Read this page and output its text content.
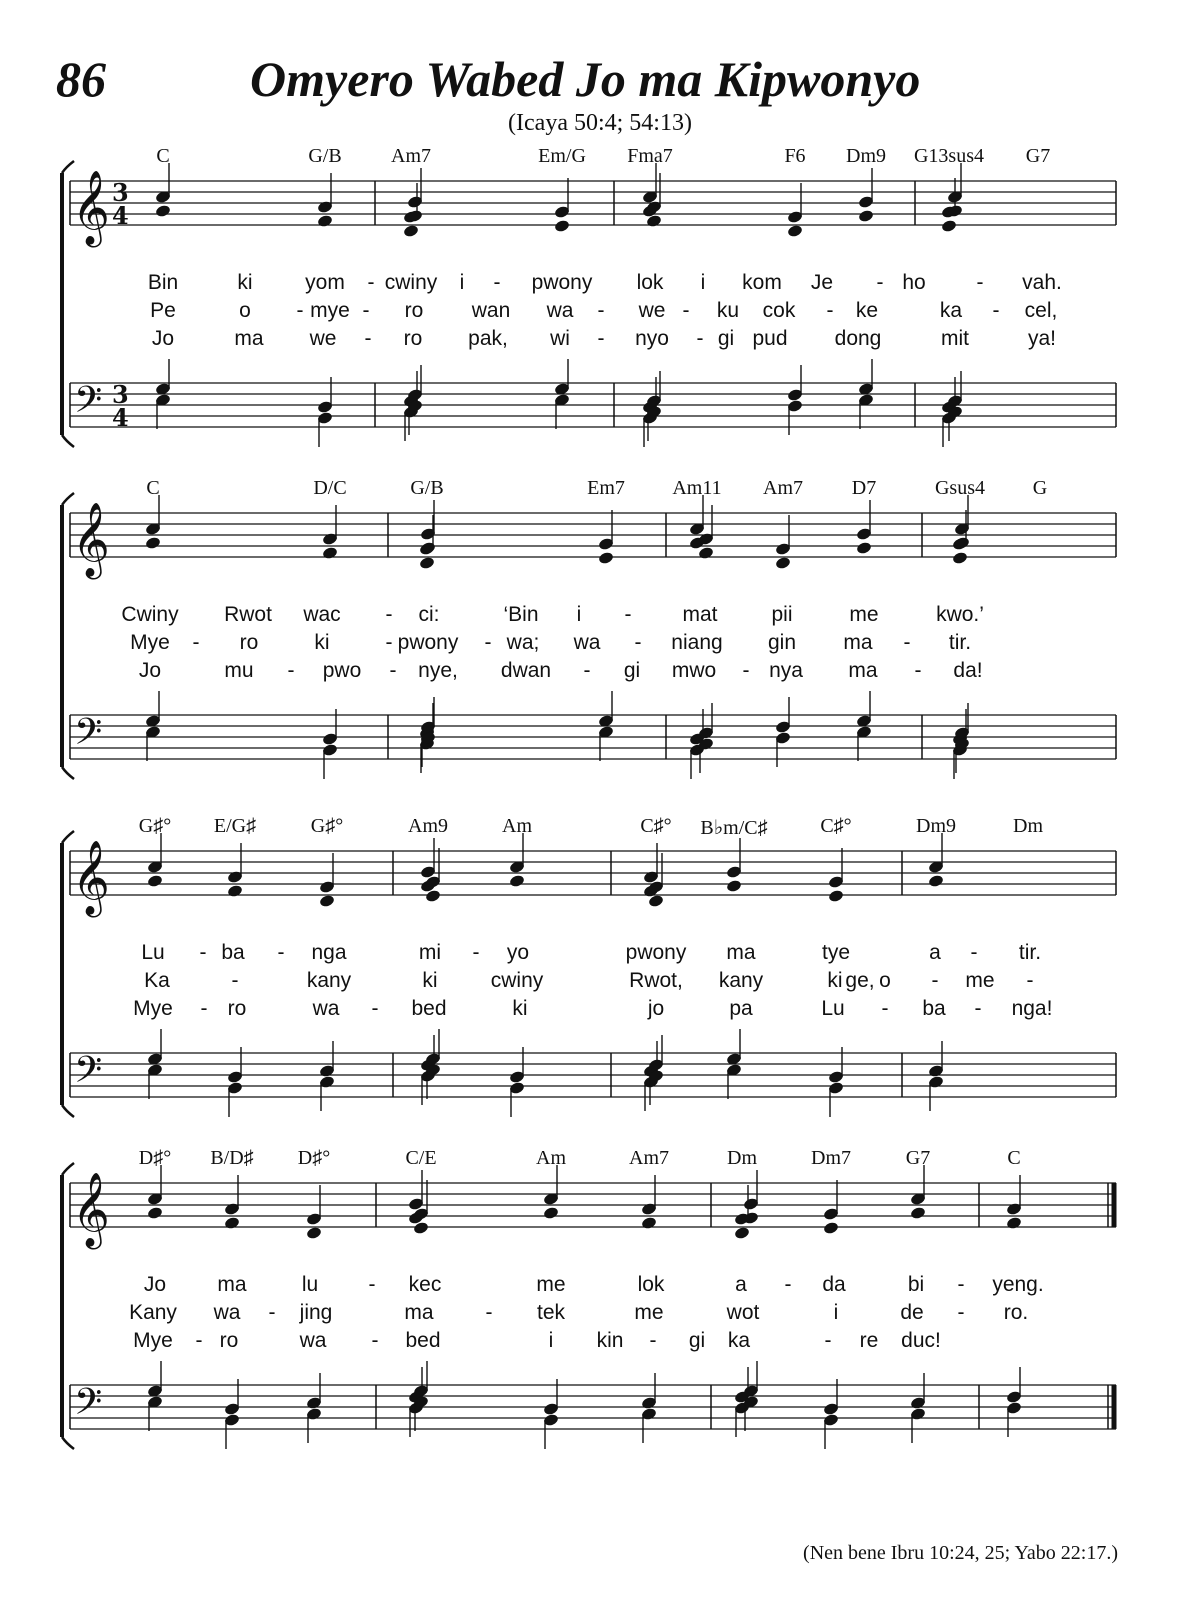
86	Omyero Wabed Jo ma Kipwonyo
(Icaya 50:4; 54:13)
𝄞 3
4
𝄢 3
4
C	G/B Am7	Em/G Fma7	F6 Dm9 G13sus4 G7
Bin	ki	yom - cwiny i - pwony lok i kom Je - ho - vah.
Pe	o - mye - ro wan wa - we - ku cok - ke	ka - cel,
Jo	ma we - ro pak, wi - nyo - gi pud dong	mit	ya!
𝄞
𝄢
C	D/C	G/B	Em7 Am11 Am7 D7	Gsus4 G
Cwiny Rwot wac - ci:	‘Bin i - mat	pii	me	kwo.’
Mye - ro	ki	- pwony - wa; wa - niang gin ma - tir.
Jo	mu - pwo - nye, dwan - gi mwo - nya ma - da!
𝄞
𝄢
G♯° E/G♯	G♯°	Am9	Am	C♯° B♭m/C♯	C♯°	Dm9	Dm
Lu - ba - nga	mi - yo	pwony ma	tye	a - tir.
Ka	-	kany	ki	cwiny	Rwot, kany	ki o - me -
ge,
Mye - ro	wa - bed	ki	jo	pa	Lu - ba - nga!
𝄞
𝄢
D♯° B/D♯ D♯°	C/E	Am	Am7	Dm	Dm7	G7	C
Jo ma	lu - kec	me	lok	a - da	bi - yeng.
Kany wa - jing	ma - tek	me	wot	i	de - ro.
Mye - ro	wa - bed	i kin - gi ka	- re duc!
(Nen bene Ibru 10:24, 25; Yabo 22:17.)
